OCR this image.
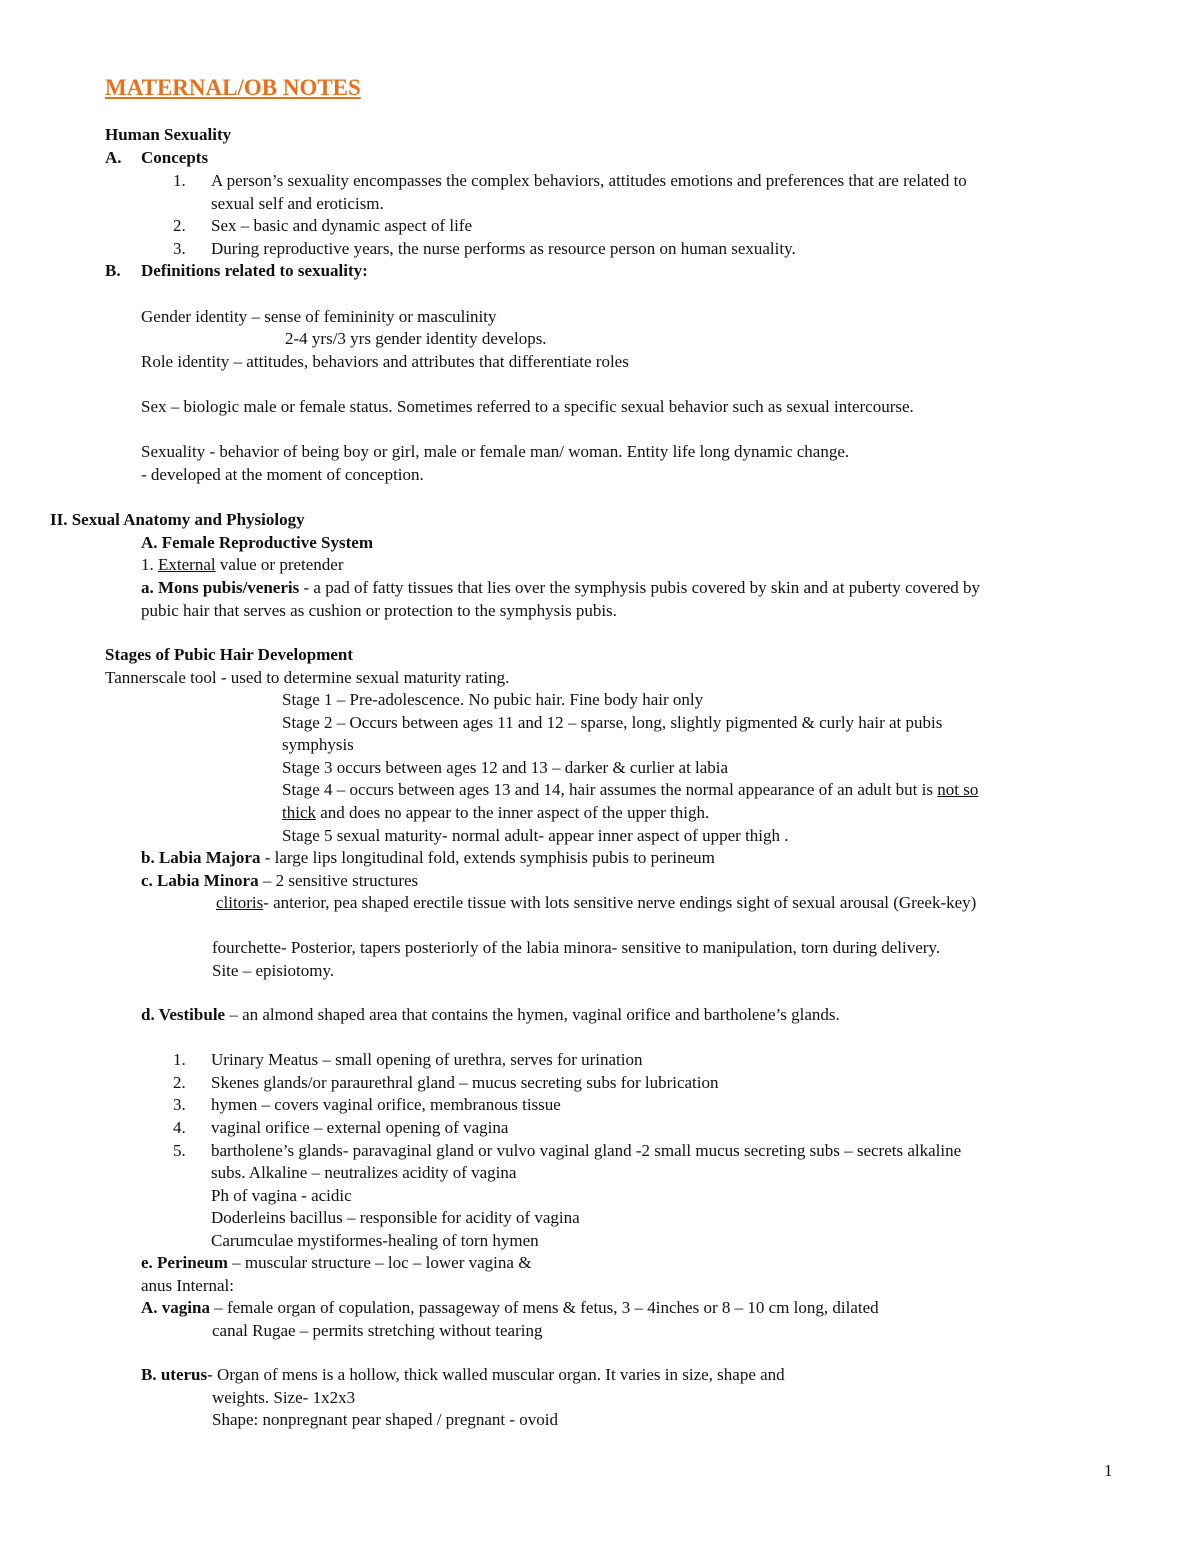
MATERNAL/OB NOTES
Human Sexuality
A. Concepts
1. A person’s sexuality encompasses the complex behaviors, attitudes emotions and preferences that are related to
sexual self and eroticism.
2. Sex – basic and dynamic aspect of life
3. During reproductive years, the nurse performs as resource person on human sexuality.
B. Definitions related to sexuality:
Gender identity – sense of femininity or masculinity
2-4 yrs/3 yrs gender identity develops.
Role identity – attitudes, behaviors and attributes that differentiate roles
Sex – biologic male or female status. Sometimes referred to a specific sexual behavior such as sexual intercourse.
Sexuality - behavior of being boy or girl, male or female man/ woman. Entity life long dynamic change.
- developed at the moment of conception.
II. Sexual Anatomy and Physiology
A. Female Reproductive System
1. External value or pretender
a. Mons pubis/veneris - a pad of fatty tissues that lies over the symphysis pubis covered by skin and at puberty covered by
pubic hair that serves as cushion or protection to the symphysis pubis.
Stages of Pubic Hair Development
Tannerscale tool - used to determine sexual maturity rating.
Stage 1 – Pre-adolescence. No pubic hair. Fine body hair only
Stage 2 – Occurs between ages 11 and 12 – sparse, long, slightly pigmented & curly hair at pubis
symphysis
Stage 3 occurs between ages 12 and 13 – darker & curlier at labia
Stage 4 – occurs between ages 13 and 14, hair assumes the normal appearance of an adult but is not so
thick and does no appear to the inner aspect of the upper thigh.
Stage 5 sexual maturity- normal adult- appear inner aspect of upper thigh .
b. Labia Majora - large lips longitudinal fold, extends symphisis pubis to perineum
c. Labia Minora – 2 sensitive structures
clitoris- anterior, pea shaped erectile tissue with lots sensitive nerve endings sight of sexual arousal (Greek-key)
fourchette- Posterior, tapers posteriorly of the labia minora- sensitive to manipulation, torn during delivery.
Site – episiotomy.
d. Vestibule – an almond shaped area that contains the hymen, vaginal orifice and bartholene’s glands.
1. Urinary Meatus – small opening of urethra, serves for urination
2. Skenes glands/or paraurethral gland – mucus secreting subs for lubrication
3. hymen – covers vaginal orifice, membranous tissue
4. vaginal orifice – external opening of vagina
5. bartholene’s glands- paravaginal gland or vulvo vaginal gland -2 small mucus secreting subs – secrets alkaline
subs. Alkaline – neutralizes acidity of vagina
Ph of vagina - acidic
Doderleins bacillus – responsible for acidity of vagina
Carumculae mystiformes-healing of torn hymen
e. Perineum – muscular structure – loc – lower vagina &
anus Internal:
A. vagina – female organ of copulation, passageway of mens & fetus, 3 – 4inches or 8 – 10 cm long, dilated
canal Rugae – permits stretching without tearing
B. uterus- Organ of mens is a hollow, thick walled muscular organ. It varies in size, shape and
weights. Size- 1x2x3
Shape: nonpregnant pear shaped / pregnant - ovoid
1
